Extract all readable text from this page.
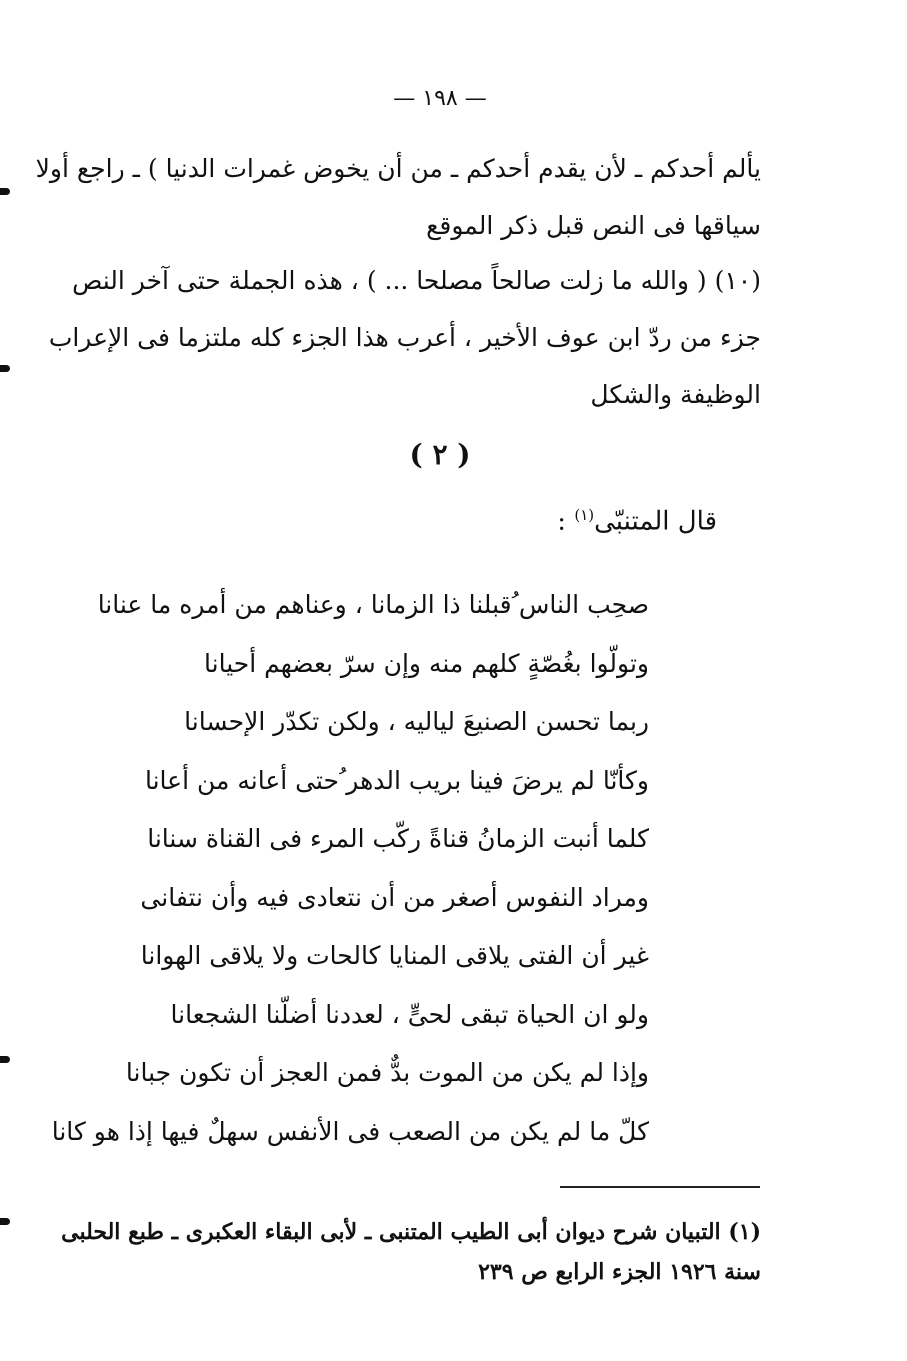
— ١٩٨ —
يألم أحدكم ـ لأن يقدم أحدكم ـ من أن يخوض غمرات الدنيا ) ـ راجع أولا
سياقها فى النص قبل ذكر الموقع
(١٠) ( والله ما زلت صالحاً مصلحا ... ) ، هذه الجملة حتى آخر النص
جزء من ردّ ابن عوف الأخير ، أعرب هذا الجزء كله ملتزما فى الإعراب
الوظيفة والشكل
( ٢ )
قال المتنبّى$^{(١)}$ :
صحِب الناس ُقبلنا ذا الزمانا ، وعناهم من أمره ما عنانا
وتولّوا بغُصّةٍ كلهم منه وإن سرّ بعضهم أحيانا
ربما تحسن الصنيعَ لياليه ، ولكن تكدّر الإحسانا
وكأنّا لم يرضَ فينا بريب الدهر ُحتى أعانه من أعانا
كلما أنبت الزمانُ قناةً ركّب المرء فى القناة سنانا
ومراد النفوس أصغر من أن نتعادى فيه وأن نتفانى
غير أن الفتى يلاقى المنايا كالحات ولا يلاقى الهوانا
ولو ان الحياة تبقى لحىٍّ ، لعددنا أضلّنا الشجعانا
وإذا لم يكن من الموت بدٌّ فمن العجز أن تكون جبانا
كلّ ما لم يكن من الصعب فى الأنفس سهلٌ فيها إذا هو كانا
(١) التبيان شرح ديوان أبى الطيب المتنبى ـ لأبى البقاء العكبرى ـ طبع الحلبى
سنة ١٩٢٦ الجزء الرابع ص ٢٣٩
